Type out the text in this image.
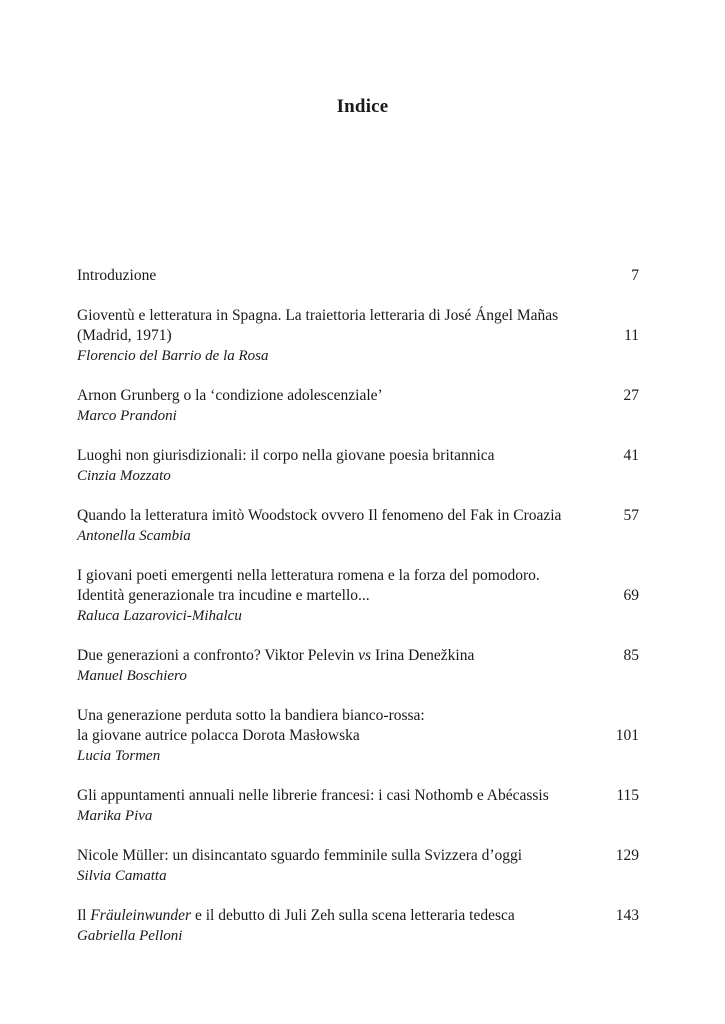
Indice
Introduzione	7
Gioventù e letteratura in Spagna. La traiettoria letteraria di José Ángel Mañas
(Madrid, 1971)
Florencio del Barrio de la Rosa
11
Arnon Grunberg o la ‘condizione adolescenziale’
Marco Prandoni
27
Luoghi non giurisdizionali: il corpo nella giovane poesia britannica
Cinzia Mozzato
41
Quando la letteratura imitò Woodstock ovvero Il fenomeno del Fak in Croazia
Antonella Scambia
57
I giovani poeti emergenti nella letteratura romena e la forza del pomodoro.
Identità generazionale tra incudine e martello...
Raluca Lazarovici-Mihalcu
69
Due generazioni a confronto? Viktor Pelevin vs Irina Denežkina
Manuel Boschiero
85
Una generazione perduta sotto la bandiera bianco-rossa:
la giovane autrice polacca Dorota Masłowska
Lucia Tormen
101
Gli appuntamenti annuali nelle librerie francesi: i casi Nothomb e Abécassis
Marika Piva
115
Nicole Müller: un disincantato sguardo femminile sulla Svizzera d’oggi
Silvia Camatta
129
Il Fräuleinwunder e il debutto di Juli Zeh sulla scena letteraria tedesca
Gabriella Pelloni
143
